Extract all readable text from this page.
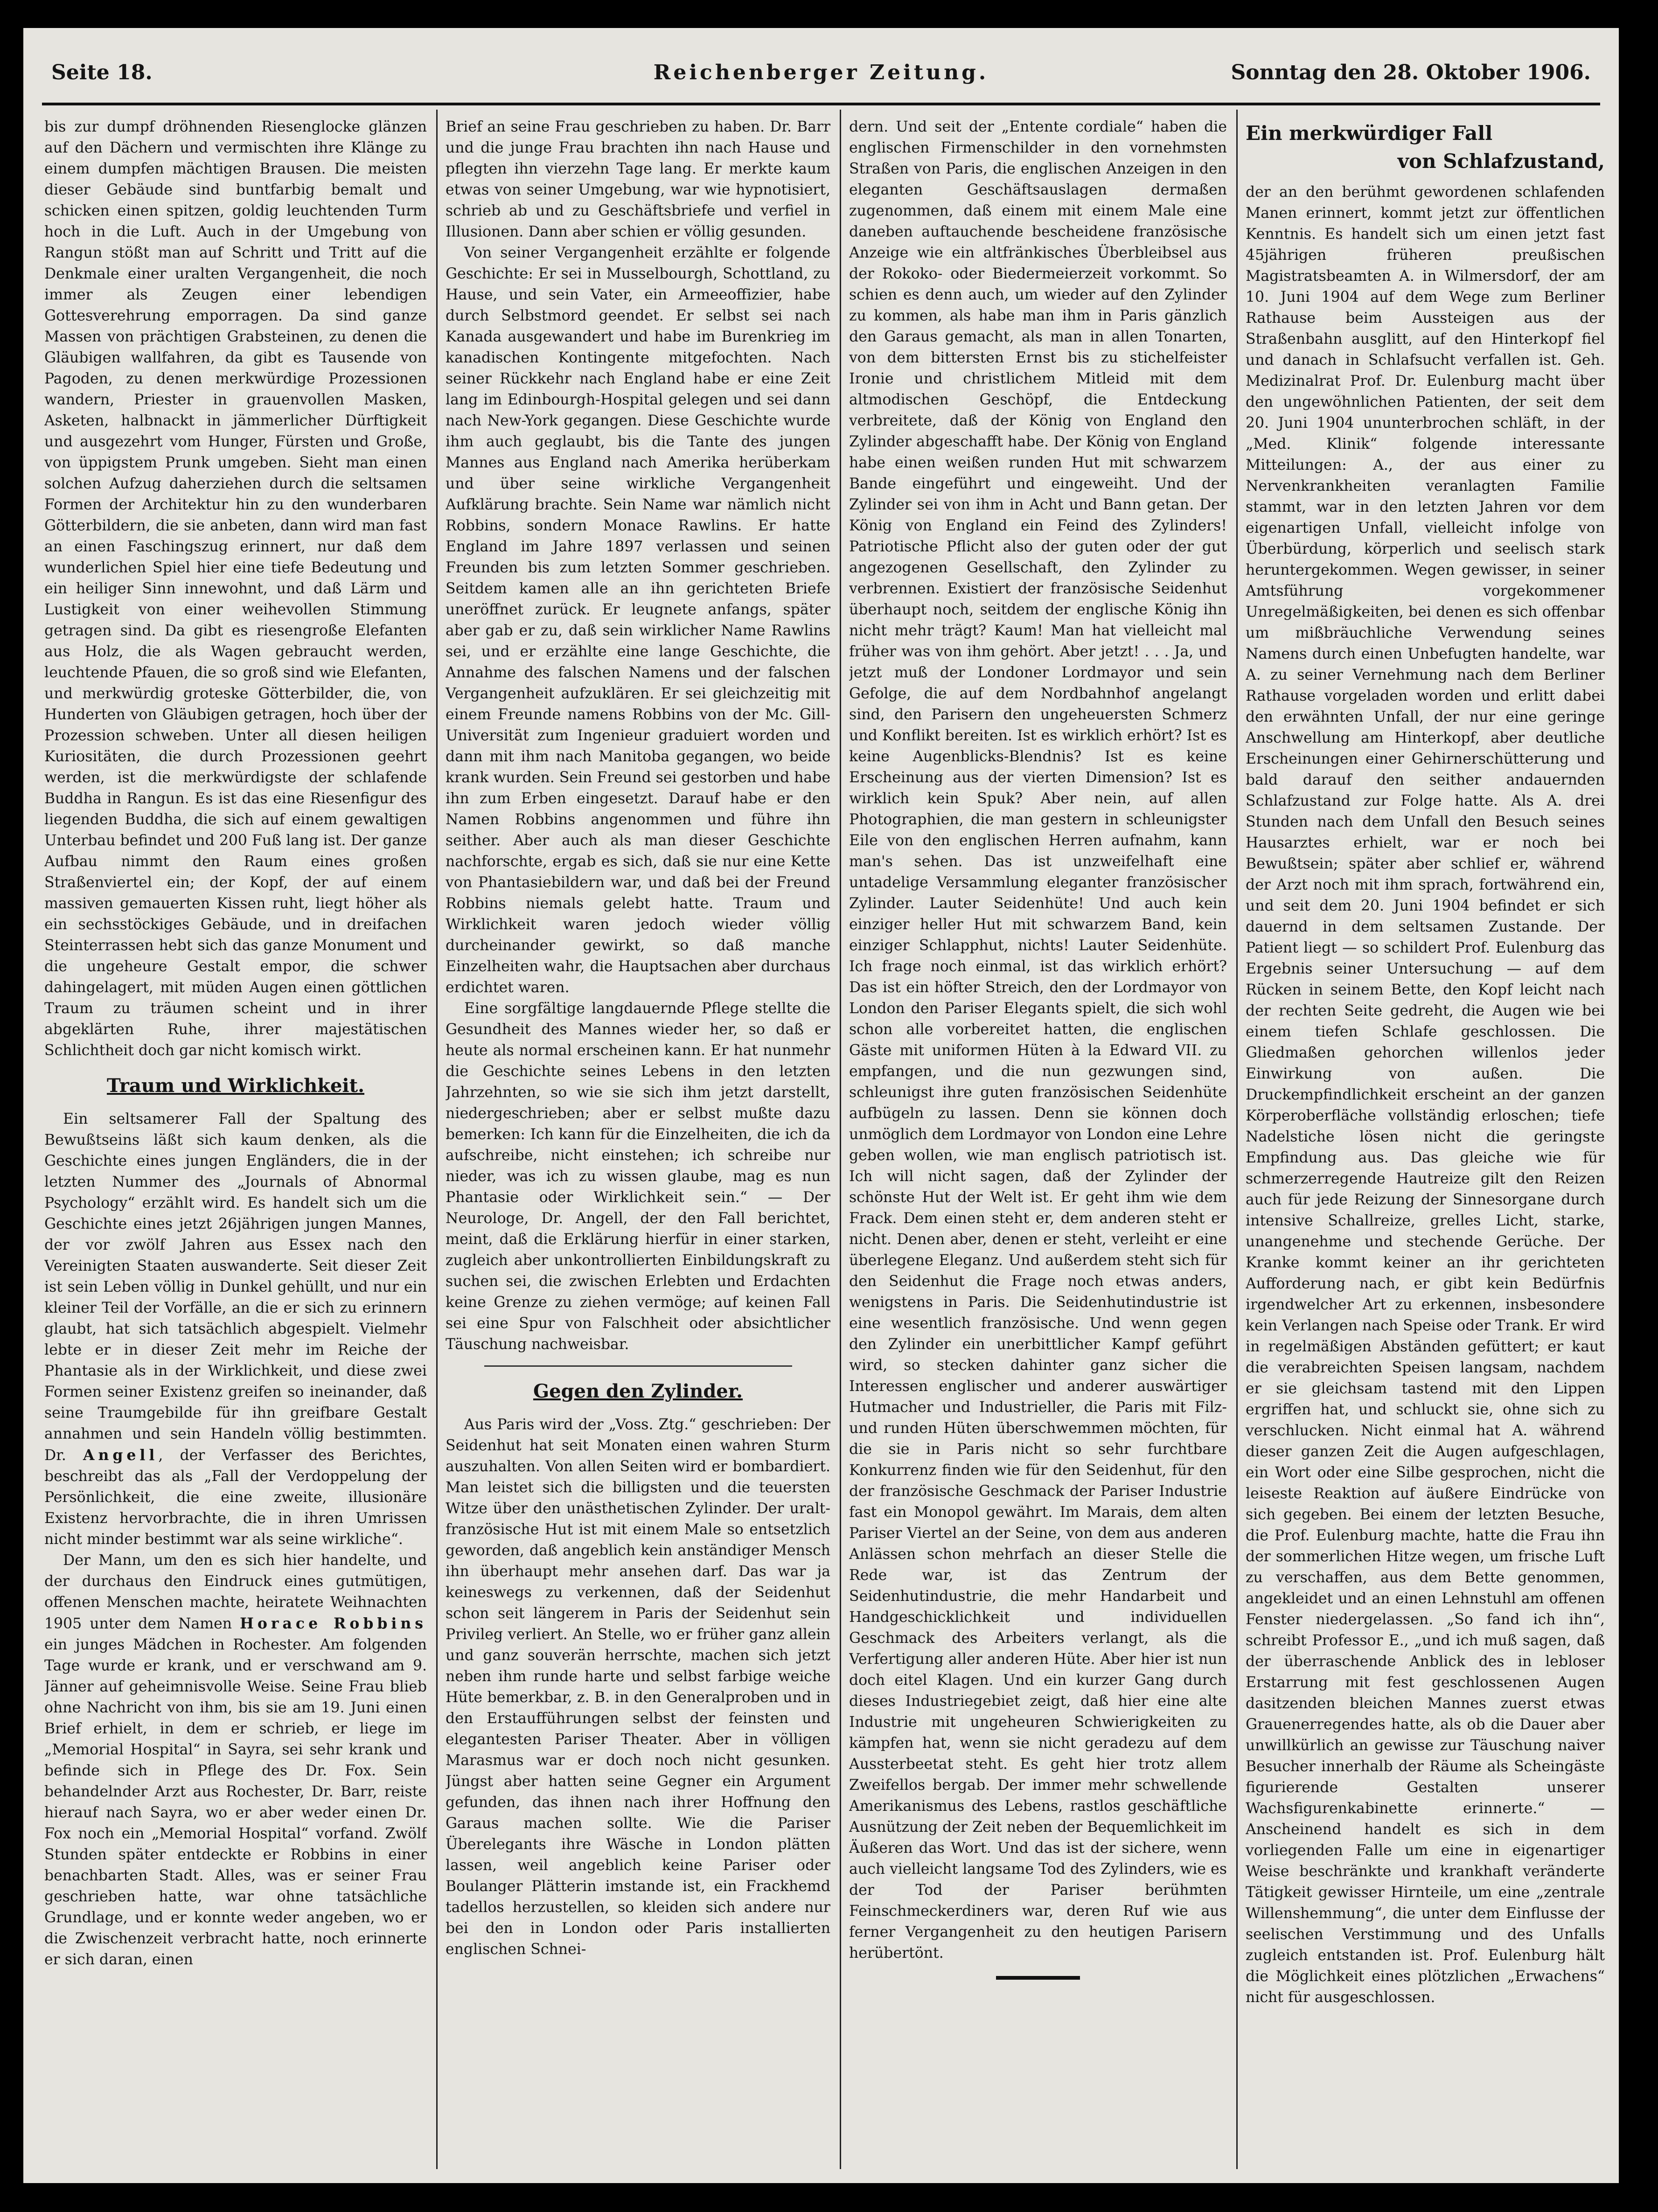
Seite 18.	Reichenberger Zeitung.	Sonntag den 28. Oktober 1906.

bis zur dumpf dröhnenden Riesenglocke glänzen auf den Dächern und vermischten ihre Klänge zu einem dumpfen mächtigen Brausen. Die meisten dieser Gebäude sind buntfarbig bemalt und schicken einen spitzen, goldig leuchtenden Turm hoch in die Luft. Auch in der Umgebung von Rangun stößt man auf Schritt und Tritt auf die Denkmale einer uralten Vergangenheit, die noch immer als Zeugen einer lebendigen Gottesverehrung emporragen. Da sind ganze Massen von prächtigen Grabsteinen, zu denen die Gläubigen wallfahren, da gibt es Tausende von Pagoden, zu denen merkwürdige Prozessionen wandern, Priester in grauenvollen Masken, Asketen, halbnackt in jämmerlicher Dürftigkeit und ausgezehrt vom Hunger, Fürsten und Große, von üppigstem Prunk umgeben. Sieht man einen solchen Aufzug daherziehen durch die seltsamen Formen der Architektur hin zu den wunderbaren Götterbildern, die sie anbeten, dann wird man fast an einen Faschingszug erinnert, nur daß dem wunderlichen Spiel hier eine tiefe Bedeutung und ein heiliger Sinn innewohnt, und daß Lärm und Lustigkeit von einer weihevollen Stimmung getragen sind. Da gibt es riesengroße Elefanten aus Holz, die als Wagen gebraucht werden, leuchtende Pfauen, die so groß sind wie Elefanten, und merkwürdig groteske Götterbilder, die, von Hunderten von Gläubigen getragen, hoch über der Prozession schweben. Unter all diesen heiligen Kuriositäten, die durch Prozessionen geehrt werden, ist die merkwürdigste der schlafende Buddha in Rangun. Es ist das eine Riesenfigur des liegenden Buddha, die sich auf einem gewaltigen Unterbau befindet und 200 Fuß lang ist. Der ganze Aufbau nimmt den Raum eines großen Straßenviertel ein; der Kopf, der auf einem massiven gemauerten Kissen ruht, liegt höher als ein sechsstöckiges Gebäude, und in dreifachen Steinterrassen hebt sich das ganze Monument und die ungeheure Gestalt empor, die schwer dahingelagert, mit müden Augen einen göttlichen Traum zu träumen scheint und in ihrer abgeklärten Ruhe, ihrer majestätischen Schlichtheit doch gar nicht komisch wirkt.

Traum und Wirklichkeit.

Ein seltsamerer Fall der Spaltung des Bewußtseins läßt sich kaum denken, als die Geschichte eines jungen Engländers, die in der letzten Nummer des „Journals of Abnormal Psychology“ erzählt wird. Es handelt sich um die Geschichte eines jetzt 26jährigen jungen Mannes, der vor zwölf Jahren aus Essex nach den Vereinigten Staaten auswanderte. Seit dieser Zeit ist sein Leben völlig in Dunkel gehüllt, und nur ein kleiner Teil der Vorfälle, an die er sich zu erinnern glaubt, hat sich tatsächlich abgespielt. Vielmehr lebte er in dieser Zeit mehr im Reiche der Phantasie als in der Wirklichkeit, und diese zwei Formen seiner Existenz greifen so ineinander, daß seine Traumgebilde für ihn greifbare Gestalt annahmen und sein Handeln völlig bestimmten. Dr. Angell, der Verfasser des Berichtes, beschreibt das als „Fall der Verdoppelung der Persönlichkeit, die eine zweite, illusionäre Existenz hervorbrachte, die in ihren Umrissen nicht minder bestimmt war als seine wirkliche“.

Der Mann, um den es sich hier handelte, und der durchaus den Eindruck eines gutmütigen, offenen Menschen machte, heiratete Weihnachten 1905 unter dem Namen Horace Robbins ein junges Mädchen in Rochester. Am folgenden Tage wurde er krank, und er verschwand am 9. Jänner auf geheimnisvolle Weise. Seine Frau blieb ohne Nachricht von ihm, bis sie am 19. Juni einen Brief erhielt, in dem er schrieb, er liege im „Memorial Hospital“ in Sayra, sei sehr krank und befinde sich in Pflege des Dr. Fox. Sein behandelnder Arzt aus Rochester, Dr. Barr, reiste hierauf nach Sayra, wo er aber weder einen Dr. Fox noch ein „Memorial Hospital“ vorfand. Zwölf Stunden später entdeckte er Robbins in einer benachbarten Stadt. Alles, was er seiner Frau geschrieben hatte, war ohne tatsächliche Grundlage, und er konnte weder angeben, wo er die Zwischenzeit verbracht hatte, noch erinnerte er sich daran, einen

Brief an seine Frau geschrieben zu haben. Dr. Barr und die junge Frau brachten ihn nach Hause und pflegten ihn vierzehn Tage lang. Er merkte kaum etwas von seiner Umgebung, war wie hypnotisiert, schrieb ab und zu Geschäftsbriefe und verfiel in Illusionen. Dann aber schien er völlig gesunden.

Von seiner Vergangenheit erzählte er folgende Geschichte: Er sei in Musselbourgh, Schottland, zu Hause, und sein Vater, ein Armeeoffizier, habe durch Selbstmord geendet. Er selbst sei nach Kanada ausgewandert und habe im Burenkrieg im kanadischen Kontingente mitgefochten. Nach seiner Rückkehr nach England habe er eine Zeit lang im Edinbourgh-Hospital gelegen und sei dann nach New-York gegangen. Diese Geschichte wurde ihm auch geglaubt, bis die Tante des jungen Mannes aus England nach Amerika herüberkam und über seine wirkliche Vergangenheit Aufklärung brachte. Sein Name war nämlich nicht Robbins, sondern Monace Rawlins. Er hatte England im Jahre 1897 verlassen und seinen Freunden bis zum letzten Sommer geschrieben. Seitdem kamen alle an ihn gerichteten Briefe uneröffnet zurück. Er leugnete anfangs, später aber gab er zu, daß sein wirklicher Name Rawlins sei, und er erzählte eine lange Geschichte, die Annahme des falschen Namens und der falschen Vergangenheit aufzuklären. Er sei gleichzeitig mit einem Freunde namens Robbins von der Mc. Gill-Universität zum Ingenieur graduiert worden und dann mit ihm nach Manitoba gegangen, wo beide krank wurden. Sein Freund sei gestorben und habe ihn zum Erben eingesetzt. Darauf habe er den Namen Robbins angenommen und führe ihn seither. Aber auch als man dieser Geschichte nachforschte, ergab es sich, daß sie nur eine Kette von Phantasiebildern war, und daß bei der Freund Robbins niemals gelebt hatte. Traum und Wirklichkeit waren jedoch wieder völlig durcheinander gewirkt, so daß manche Einzelheiten wahr, die Hauptsachen aber durchaus erdichtet waren.

Eine sorgfältige langdauernde Pflege stellte die Gesundheit des Mannes wieder her, so daß er heute als normal erscheinen kann. Er hat nunmehr die Geschichte seines Lebens in den letzten Jahrzehnten, so wie sie sich ihm jetzt darstellt, niedergeschrieben; aber er selbst mußte dazu bemerken: Ich kann für die Einzelheiten, die ich da aufschreibe, nicht einstehen; ich schreibe nur nieder, was ich zu wissen glaube, mag es nun Phantasie oder Wirklichkeit sein.“ — Der Neurologe, Dr. Angell, der den Fall berichtet, meint, daß die Erklärung hierfür in einer starken, zugleich aber unkontrollierten Einbildungskraft zu suchen sei, die zwischen Erlebten und Erdachten keine Grenze zu ziehen vermöge; auf keinen Fall sei eine Spur von Falschheit oder absichtlicher Täuschung nachweisbar.

Gegen den Zylinder.

Aus Paris wird der „Voss. Ztg.“ geschrieben: Der Seidenhut hat seit Monaten einen wahren Sturm auszuhalten. Von allen Seiten wird er bombardiert. Man leistet sich die billigsten und die teuersten Witze über den unästhetischen Zylinder. Der uralt-französische Hut ist mit einem Male so entsetzlich geworden, daß angeblich kein anständiger Mensch ihn überhaupt mehr ansehen darf. Das war ja keineswegs zu verkennen, daß der Seidenhut schon seit längerem in Paris der Seidenhut sein Privileg verliert. An Stelle, wo er früher ganz allein und ganz souverän herrschte, machen sich jetzt neben ihm runde harte und selbst farbige weiche Hüte bemerkbar, z. B. in den Generalproben und in den Erstaufführungen selbst der feinsten und elegantesten Pariser Theater. Aber in völligen Marasmus war er doch noch nicht gesunken. Jüngst aber hatten seine Gegner ein Argument gefunden, das ihnen nach ihrer Hoffnung den Garaus machen sollte. Wie die Pariser Überelegants ihre Wäsche in London plätten lassen, weil angeblich keine Pariser oder Boulanger Plätterin imstande ist, ein Frackhemd tadellos herzustellen, so kleiden sich andere nur bei den in London oder Paris installierten englischen Schnei-

dern. Und seit der „Entente cordiale“ haben die englischen Firmenschilder in den vornehmsten Straßen von Paris, die englischen Anzeigen in den eleganten Geschäftsauslagen dermaßen zugenommen, daß einem mit einem Male eine daneben auftauchende bescheidene französische Anzeige wie ein altfränkisches Überbleibsel aus der Rokoko- oder Biedermeierzeit vorkommt. So schien es denn auch, um wieder auf den Zylinder zu kommen, als habe man ihm in Paris gänzlich den Garaus gemacht, als man in allen Tonarten, von dem bittersten Ernst bis zu stichelfeister Ironie und christlichem Mitleid mit dem altmodischen Geschöpf, die Entdeckung verbreitete, daß der König von England den Zylinder abgeschafft habe. Der König von England habe einen weißen runden Hut mit schwarzem Bande eingeführt und eingeweiht. Und der Zylinder sei von ihm in Acht und Bann getan. Der König von England ein Feind des Zylinders! Patriotische Pflicht also der guten oder der gut angezogenen Gesellschaft, den Zylinder zu verbrennen. Existiert der französische Seidenhut überhaupt noch, seitdem der englische König ihn nicht mehr trägt? Kaum! Man hat vielleicht mal früher was von ihm gehört. Aber jetzt! . . . Ja, und jetzt muß der Londoner Lordmayor und sein Gefolge, die auf dem Nordbahnhof angelangt sind, den Parisern den ungeheuersten Schmerz und Konflikt bereiten. Ist es wirklich erhört? Ist es keine Augenblicks-Blendnis? Ist es keine Erscheinung aus der vierten Dimension? Ist es wirklich kein Spuk? Aber nein, auf allen Photographien, die man gestern in schleunigster Eile von den englischen Herren aufnahm, kann man's sehen. Das ist unzweifelhaft eine untadelige Versammlung eleganter französischer Zylinder. Lauter Seidenhüte! Und auch kein einziger heller Hut mit schwarzem Band, kein einziger Schlapphut, nichts! Lauter Seidenhüte. Ich frage noch einmal, ist das wirklich erhört? Das ist ein höfter Streich, den der Lordmayor von London den Pariser Elegants spielt, die sich wohl schon alle vorbereitet hatten, die englischen Gäste mit uniformen Hüten à la Edward VII. zu empfangen, und die nun gezwungen sind, schleunigst ihre guten französischen Seidenhüte aufbügeln zu lassen. Denn sie können doch unmöglich dem Lordmayor von London eine Lehre geben wollen, wie man englisch patriotisch ist. Ich will nicht sagen, daß der Zylinder der schönste Hut der Welt ist. Er geht ihm wie dem Frack. Dem einen steht er, dem anderen steht er nicht. Denen aber, denen er steht, verleiht er eine überlegene Eleganz. Und außerdem steht sich für den Seidenhut die Frage noch etwas anders, wenigstens in Paris. Die Seidenhutindustrie ist eine wesentlich französische. Und wenn gegen den Zylinder ein unerbittlicher Kampf geführt wird, so stecken dahinter ganz sicher die Interessen englischer und anderer auswärtiger Hutmacher und Industrieller, die Paris mit Filz- und runden Hüten überschwemmen möchten, für die sie in Paris nicht so sehr furchtbare Konkurrenz finden wie für den Seidenhut, für den der französische Geschmack der Pariser Industrie fast ein Monopol gewährt. Im Marais, dem alten Pariser Viertel an der Seine, von dem aus anderen Anlässen schon mehrfach an dieser Stelle die Rede war, ist das Zentrum der Seidenhutindustrie, die mehr Handarbeit und Handgeschicklichkeit und individuellen Geschmack des Arbeiters verlangt, als die Verfertigung aller anderen Hüte. Aber hier ist nun doch eitel Klagen. Und ein kurzer Gang durch dieses Industriegebiet zeigt, daß hier eine alte Industrie mit ungeheuren Schwierigkeiten zu kämpfen hat, wenn sie nicht geradezu auf dem Aussterbeetat steht. Es geht hier trotz allem Zweifellos bergab. Der immer mehr schwellende Amerikanismus des Lebens, rastlos geschäftliche Ausnützung der Zeit neben der Bequemlichkeit im Äußeren das Wort. Und das ist der sichere, wenn auch vielleicht langsame Tod des Zylinders, wie es der Tod der Pariser berühmten Feinschmeckerdiners war, deren Ruf wie aus ferner Vergangenheit zu den heutigen Parisern herübertönt.

Ein merkwürdiger Fall
von Schlafzustand,

der an den berühmt gewordenen schlafenden Manen erinnert, kommt jetzt zur öffentlichen Kenntnis. Es handelt sich um einen jetzt fast 45jährigen früheren preußischen Magistratsbeamten A. in Wilmersdorf, der am 10. Juni 1904 auf dem Wege zum Berliner Rathause beim Aussteigen aus der Straßenbahn ausglitt, auf den Hinterkopf fiel und danach in Schlafsucht verfallen ist. Geh. Medizinalrat Prof. Dr. Eulenburg macht über den ungewöhnlichen Patienten, der seit dem 20. Juni 1904 ununterbrochen schläft, in der „Med. Klinik“ folgende interessante Mitteilungen: A., der aus einer zu Nervenkrankheiten veranlagten Familie stammt, war in den letzten Jahren vor dem eigenartigen Unfall, vielleicht infolge von Überbürdung, körperlich und seelisch stark heruntergekommen. Wegen gewisser, in seiner Amtsführung vorgekommener Unregelmäßigkeiten, bei denen es sich offenbar um mißbräuchliche Verwendung seines Namens durch einen Unbefugten handelte, war A. zu seiner Vernehmung nach dem Berliner Rathause vorgeladen worden und erlitt dabei den erwähnten Unfall, der nur eine geringe Anschwellung am Hinterkopf, aber deutliche Erscheinungen einer Gehirnerschütterung und bald darauf den seither andauernden Schlafzustand zur Folge hatte. Als A. drei Stunden nach dem Unfall den Besuch seines Hausarztes erhielt, war er noch bei Bewußtsein; später aber schlief er, während der Arzt noch mit ihm sprach, fortwährend ein, und seit dem 20. Juni 1904 befindet er sich dauernd in dem seltsamen Zustande. Der Patient liegt — so schildert Prof. Eulenburg das Ergebnis seiner Untersuchung — auf dem Rücken in seinem Bette, den Kopf leicht nach der rechten Seite gedreht, die Augen wie bei einem tiefen Schlafe geschlossen. Die Gliedmaßen gehorchen willenlos jeder Einwirkung von außen. Die Druckempfindlichkeit erscheint an der ganzen Körperoberfläche vollständig erloschen; tiefe Nadelstiche lösen nicht die geringste Empfindung aus. Das gleiche wie für schmerzerregende Hautreize gilt den Reizen auch für jede Reizung der Sinnesorgane durch intensive Schallreize, grelles Licht, starke, unangenehme und stechende Gerüche. Der Kranke kommt keiner an ihr gerichteten Aufforderung nach, er gibt kein Bedürfnis irgendwelcher Art zu erkennen, insbesondere kein Verlangen nach Speise oder Trank. Er wird in regelmäßigen Abständen gefüttert; er kaut die verabreichten Speisen langsam, nachdem er sie gleichsam tastend mit den Lippen ergriffen hat, und schluckt sie, ohne sich zu verschlucken. Nicht einmal hat A. während dieser ganzen Zeit die Augen aufgeschlagen, ein Wort oder eine Silbe gesprochen, nicht die leiseste Reaktion auf äußere Eindrücke von sich gegeben. Bei einem der letzten Besuche, die Prof. Eulenburg machte, hatte die Frau ihn der sommerlichen Hitze wegen, um frische Luft zu verschaffen, aus dem Bette genommen, angekleidet und an einen Lehnstuhl am offenen Fenster niedergelassen. „So fand ich ihn“, schreibt Professor E., „und ich muß sagen, daß der überraschende Anblick des in lebloser Erstarrung mit fest geschlossenen Augen dasitzenden bleichen Mannes zuerst etwas Grauenerregendes hatte, als ob die Dauer aber unwillkürlich an gewisse zur Täuschung naiver Besucher innerhalb der Räume als Scheingäste figurierende Gestalten unserer Wachsfigurenkabinette erinnerte.“ — Anscheinend handelt es sich in dem vorliegenden Falle um eine in eigenartiger Weise beschränkte und krankhaft veränderte Tätigkeit gewisser Hirnteile, um eine „zentrale Willenshemmung“, die unter dem Einflusse der seelischen Verstimmung und des Unfalls zugleich entstanden ist. Prof. Eulenburg hält die Möglichkeit eines plötzlichen „Erwachens“ nicht für ausgeschlossen.
